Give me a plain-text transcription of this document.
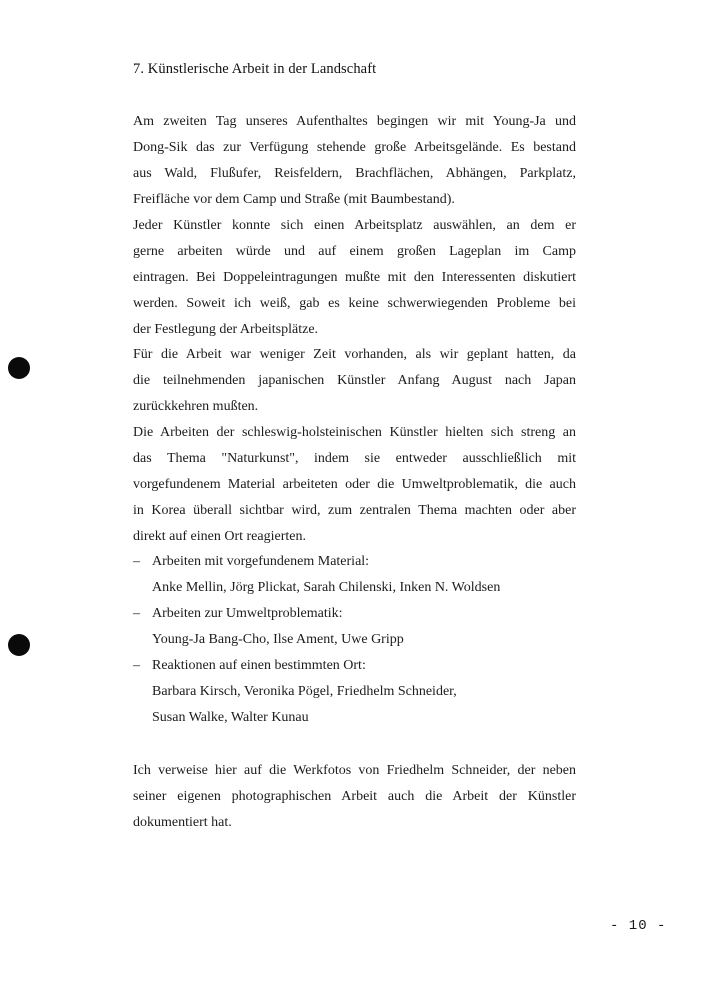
7. Künstlerische Arbeit in der Landschaft
Am zweiten Tag unseres Aufenthaltes begingen wir mit Young-Ja und
Dong-Sik das zur Verfügung stehende große Arbeitsgelände. Es bestand
aus Wald, Flußufer, Reisfeldern, Brachflächen, Abhängen, Parkplatz,
Freifläche vor dem Camp und Straße (mit Baumbestand).
Jeder Künstler konnte sich einen Arbeitsplatz auswählen, an dem er
gerne arbeiten würde und auf einem großen Lageplan im Camp
eintragen. Bei Doppeleintragungen mußte mit den Interessenten diskutiert
werden. Soweit ich weiß, gab es keine schwerwiegenden Probleme bei
der Festlegung der Arbeitsplätze.
Für die Arbeit war weniger Zeit vorhanden, als wir geplant hatten, da
die teilnehmenden japanischen Künstler Anfang August nach Japan
zurückkehren mußten.
Die Arbeiten der schleswig-holsteinischen Künstler hielten sich streng an
das Thema "Naturkunst", indem sie entweder ausschließlich mit
vorgefundenem Material arbeiteten oder die Umweltproblematik, die auch
in Korea überall sichtbar wird, zum zentralen Thema machten oder aber
direkt auf einen Ort reagierten.
– Arbeiten mit vorgefundenem Material:
Anke Mellin, Jörg Plickat, Sarah Chilenski, Inken N. Woldsen
– Arbeiten zur Umweltproblematik:
Young-Ja Bang-Cho, Ilse Ament, Uwe Gripp
– Reaktionen auf einen bestimmten Ort:
Barbara Kirsch, Veronika Pögel, Friedhelm Schneider,
Susan Walke, Walter Kunau
Ich verweise hier auf die Werkfotos von Friedhelm Schneider, der neben
seiner eigenen photographischen Arbeit auch die Arbeit der Künstler
dokumentiert hat.
- 10 -
